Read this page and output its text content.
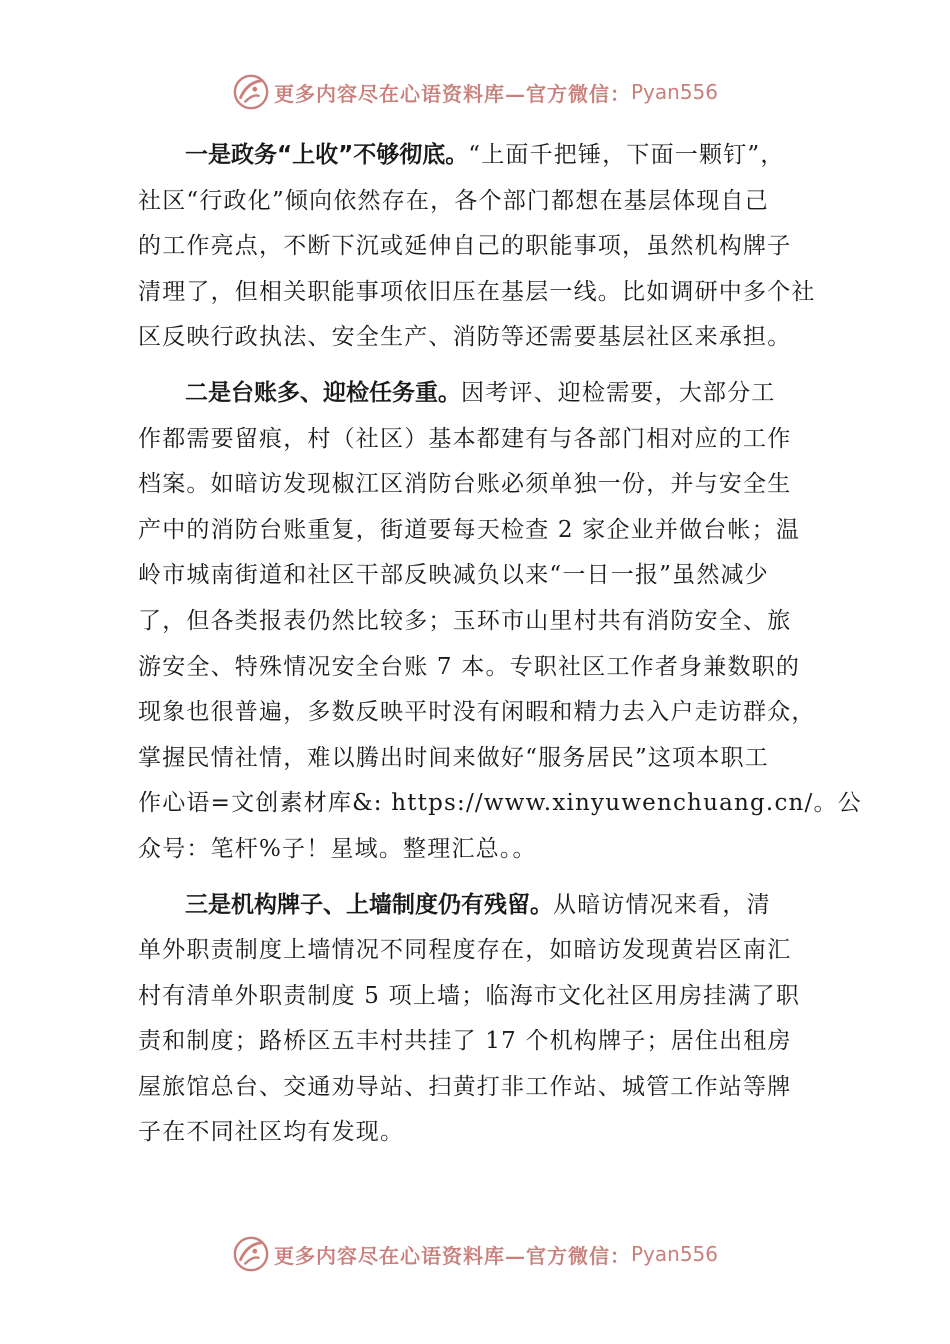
更多内容尽在心语资料库—官方微信： Pyan556
一是政务“上收”不够彻底。“上面千把锤，下面一颗钉”，
社区“行政化”倾向依然存在，各个部门都想在基层体现自己
的工作亮点，不断下沉或延伸自己的职能事项，虽然机构牌子
清理了，但相关职能事项依旧压在基层一线。比如调研中多个社
区反映行政执法、安全生产、消防等还需要基层社区来承担。
二是台账多、迎检任务重。因考评、迎检需要，大部分工
作都需要留痕，村（社区）基本都建有与各部门相对应的工作
档案。如暗访发现椒江区消防台账必须单独一份，并与安全生
产中的消防台账重复，街道要每天检查 2 家企业并做台帐；温
岭市城南街道和社区干部反映减负以来“一日一报”虽然减少
了，但各类报表仍然比较多；玉环市山里村共有消防安全、旅
游安全、特殊情况安全台账 7 本。专职社区工作者身兼数职的
现象也很普遍，多数反映平时没有闲暇和精力去入户走访群众，
掌握民情社情，难以腾出时间来做好“服务居民”这项本职工
作心语=文创素材库&: https://www.xinyuwenchuang.cn/。公
众号：笔杆%子！星域。整理汇总。。
三是机构牌子、上墙制度仍有残留。从暗访情况来看，清
单外职责制度上墙情况不同程度存在，如暗访发现黄岩区南汇
村有清单外职责制度 5 项上墙；临海市文化社区用房挂满了职
责和制度；路桥区五丰村共挂了 17 个机构牌子；居住出租房
屋旅馆总台、交通劝导站、扫黄打非工作站、城管工作站等牌
子在不同社区均有发现。
更多内容尽在心语资料库—官方微信： Pyan556
